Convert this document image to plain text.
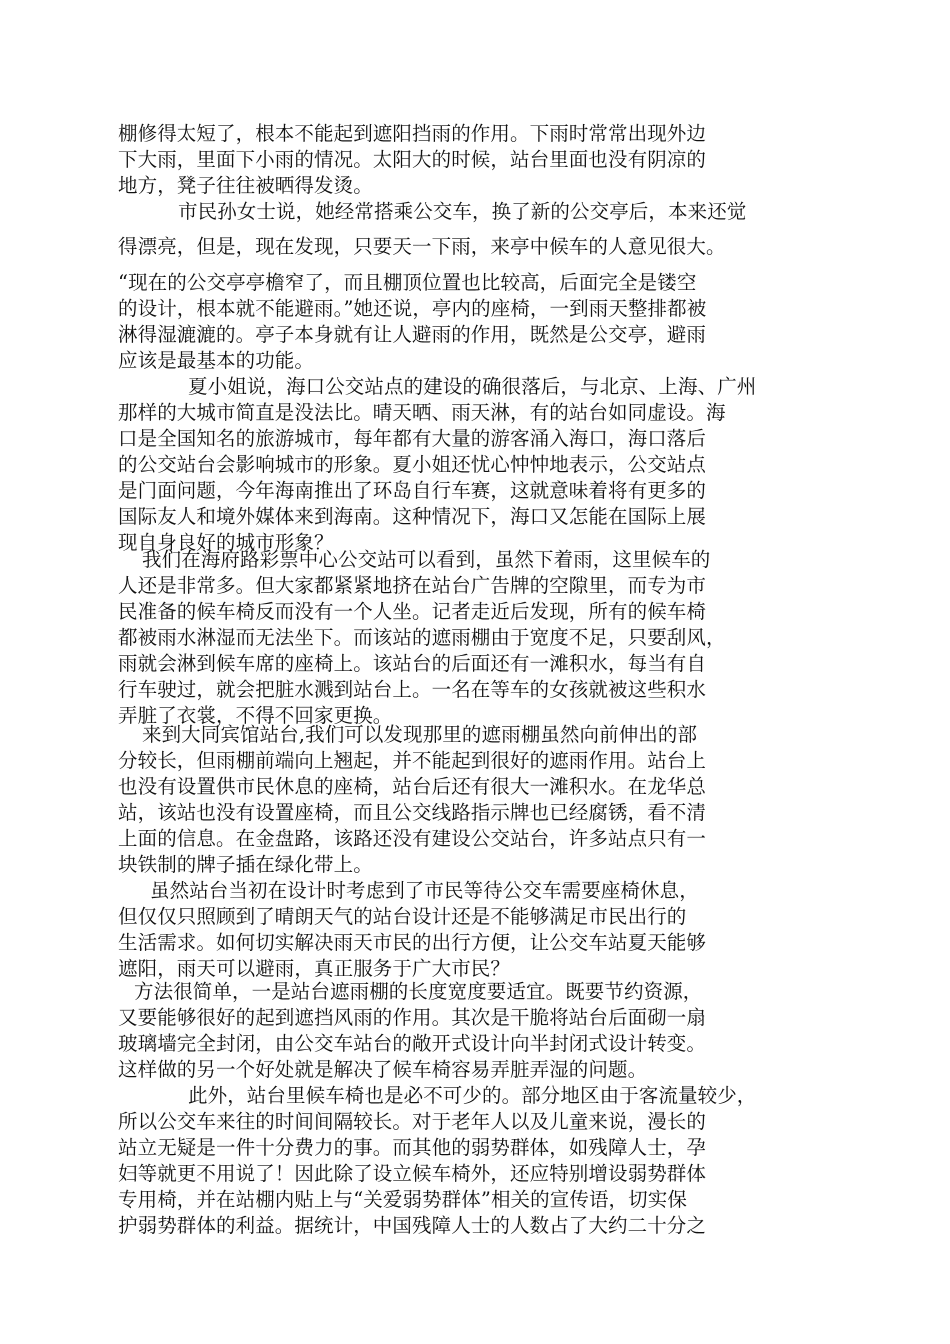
棚修得太短了，根本不能起到遮阳挡雨的作用。下雨时常常出现外边
下大雨，里面下小雨的情况。太阳大的时候，站台里面也没有阴凉的
地方，凳子往往被晒得发烫。
市民孙女士说，她经常搭乘公交车，换了新的公交亭后，本来还觉
得漂亮，但是，现在发现，只要天一下雨，来亭中候车的人意见很大。
“现在的公交亭亭檐窄了，而且棚顶位置也比较高，后面完全是镂空
的设计，根本就不能避雨。”她还说，亭内的座椅，一到雨天整排都被
淋得湿漉漉的。亭子本身就有让人避雨的作用，既然是公交亭，避雨
应该是最基本的功能。
夏小姐说，海口公交站点的建设的确很落后，与北京、上海、广州
那样的大城市简直是没法比。晴天晒、雨天淋，有的站台如同虚设。海
口是全国知名的旅游城市，每年都有大量的游客涌入海口，海口落后
的公交站台会影响城市的形象。夏小姐还忧心忡忡地表示，公交站点
是门面问题，今年海南推出了环岛自行车赛，这就意味着将有更多的
国际友人和境外媒体来到海南。这种情况下，海口又怎能在国际上展
现自身良好的城市形象？
我们在海府路彩票中心公交站可以看到，虽然下着雨，这里候车的
人还是非常多。但大家都紧紧地挤在站台广告牌的空隙里，而专为市
民准备的候车椅反而没有一个人坐。记者走近后发现，所有的候车椅
都被雨水淋湿而无法坐下。而该站的遮雨棚由于宽度不足，只要刮风，
雨就会淋到候车席的座椅上。该站台的后面还有一滩积水，每当有自
行车驶过，就会把脏水溅到站台上。一名在等车的女孩就被这些积水
弄脏了衣裳，不得不回家更换。
来到大同宾馆站台,我们可以发现那里的遮雨棚虽然向前伸出的部
分较长，但雨棚前端向上翘起，并不能起到很好的遮雨作用。站台上
也没有设置供市民休息的座椅，站台后还有很大一滩积水。在龙华总
站，该站也没有设置座椅，而且公交线路指示牌也已经腐锈，看不清
上面的信息。在金盘路，该路还没有建设公交站台，许多站点只有一
块铁制的牌子插在绿化带上。
虽然站台当初在设计时考虑到了市民等待公交车需要座椅休息，
但仅仅只照顾到了晴朗天气的站台设计还是不能够满足市民出行的
生活需求。如何切实解决雨天市民的出行方便，让公交车站夏天能够
遮阳，雨天可以避雨，真正服务于广大市民？
方法很简单，一是站台遮雨棚的长度宽度要适宜。既要节约资源，
又要能够很好的起到遮挡风雨的作用。其次是干脆将站台后面砌一扇
玻璃墙完全封闭，由公交车站台的敞开式设计向半封闭式设计转变。
这样做的另一个好处就是解决了候车椅容易弄脏弄湿的问题。
此外，站台里候车椅也是必不可少的。部分地区由于客流量较少，
所以公交车来往的时间间隔较长。对于老年人以及儿童来说，漫长的
站立无疑是一件十分费力的事。而其他的弱势群体，如残障人士，孕
妇等就更不用说了！因此除了设立候车椅外，还应特别增设弱势群体
专用椅，并在站棚内贴上与“关爱弱势群体”相关的宣传语，切实保
护弱势群体的利益。据统计，中国残障人士的人数占了大约二十分之
